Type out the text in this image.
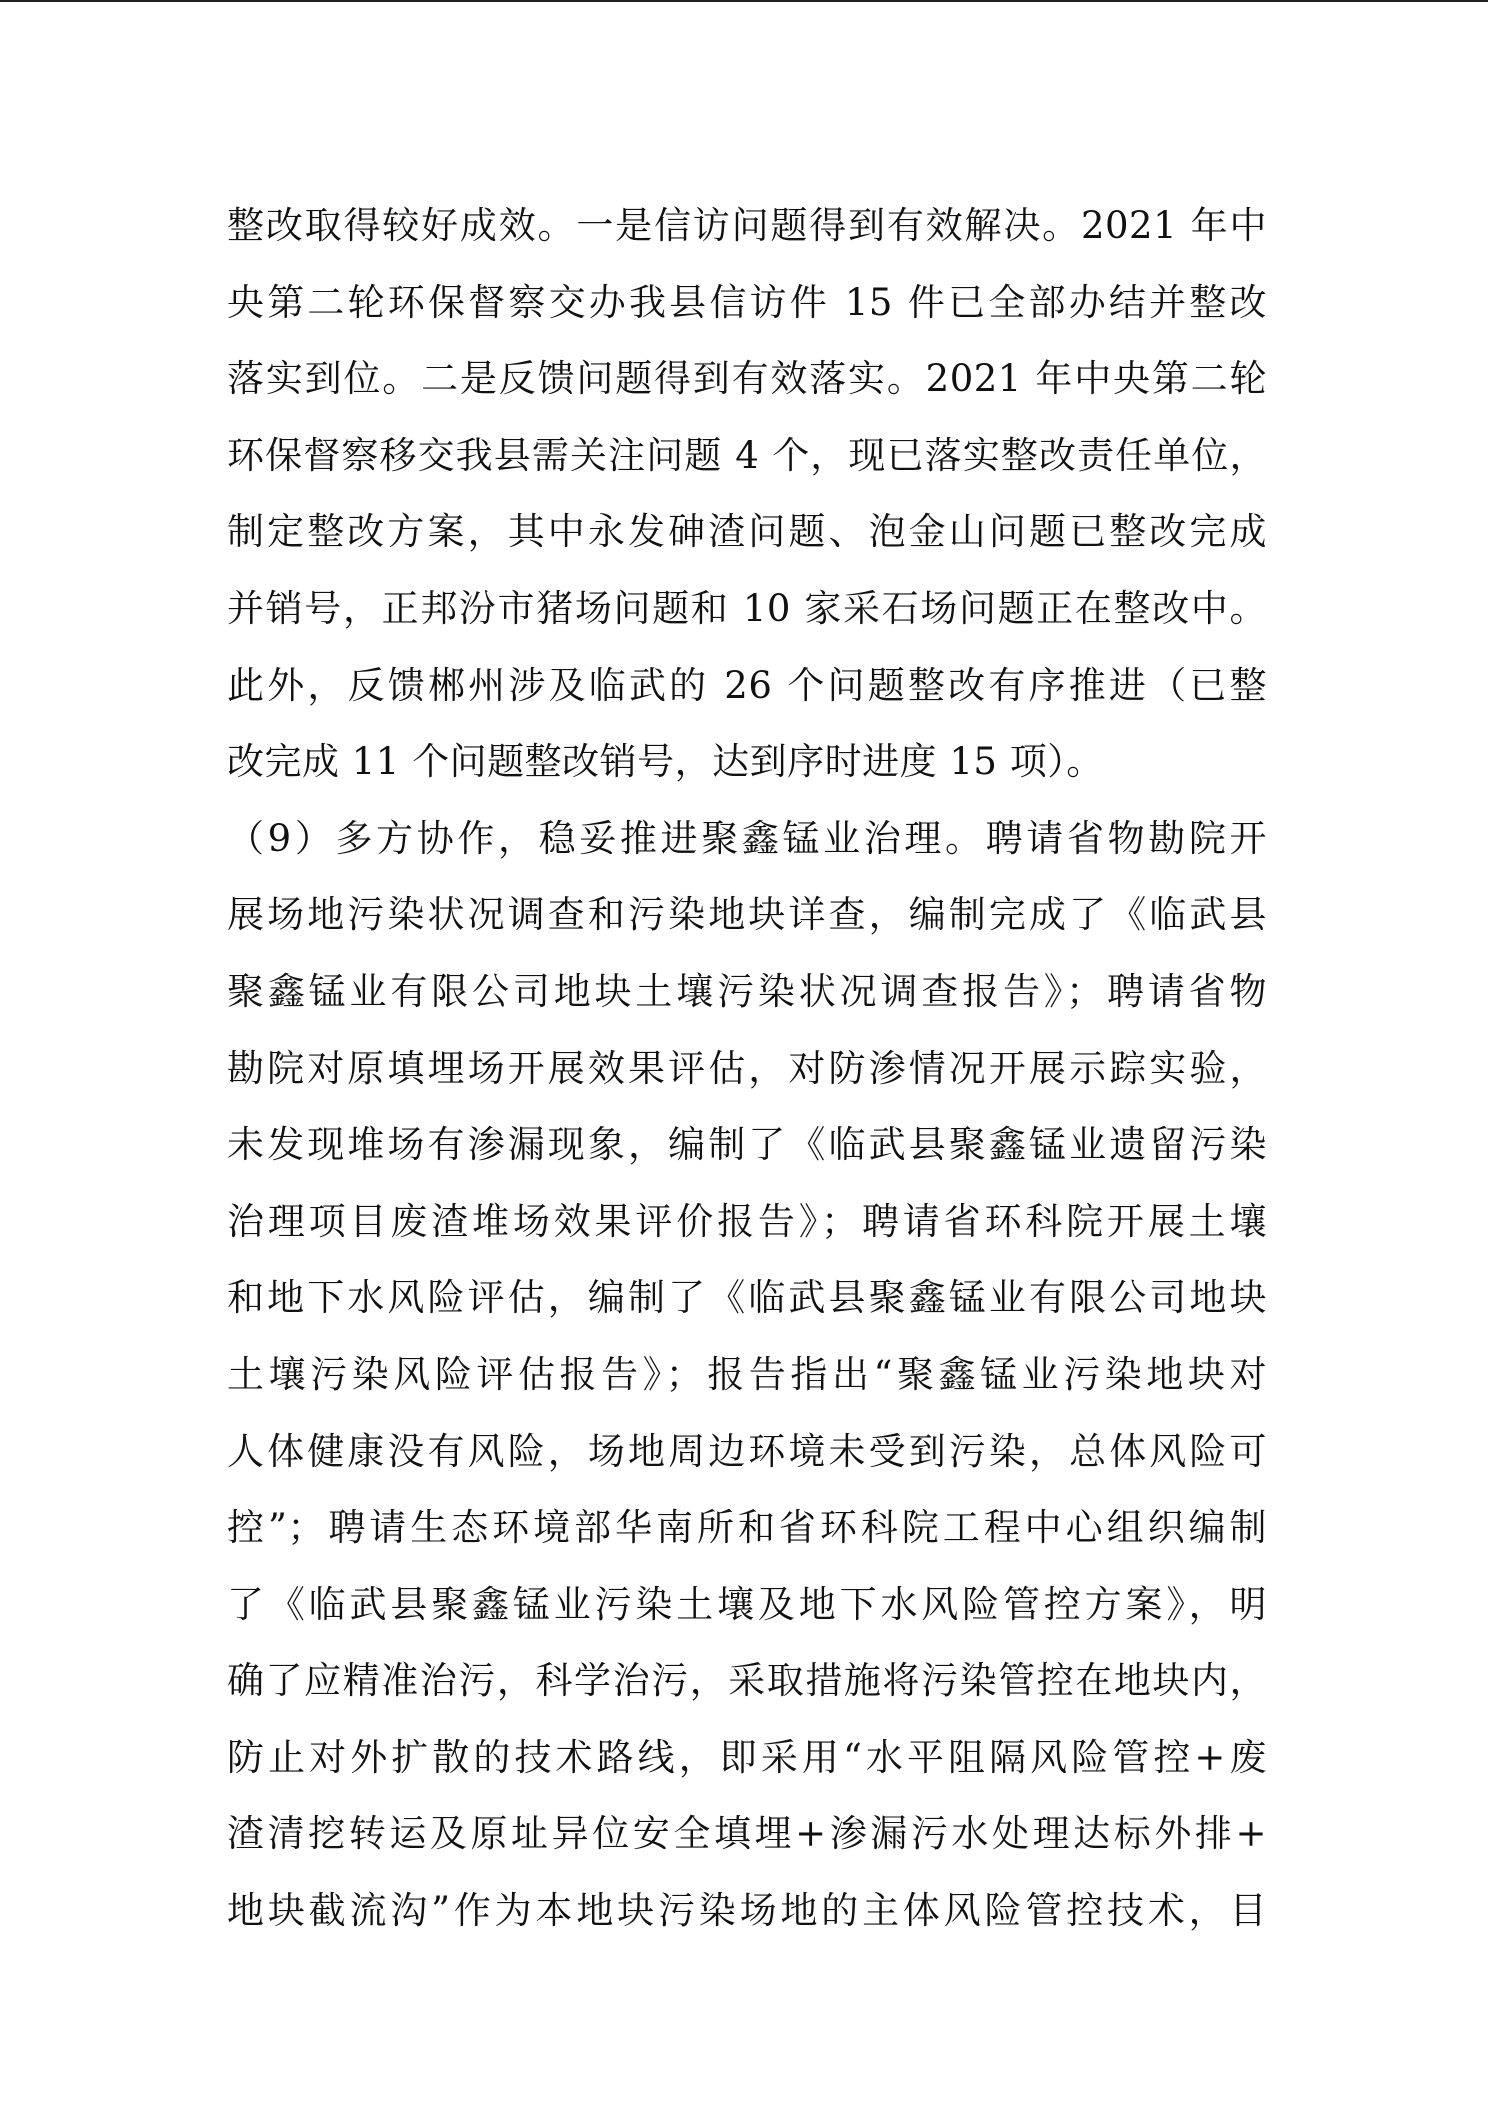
整改取得较好成效。一是信访问题得到有效解决。2021 年中
央第二轮环保督察交办我县信访件 15 件已全部办结并整改
落实到位。二是反馈问题得到有效落实。2021 年中央第二轮
环保督察移交我县需关注问题 4 个，现已落实整改责任单位，
制定整改方案，其中永发砷渣问题、泡金山问题已整改完成
并销号，正邦汾市猪场问题和 10 家采石场问题正在整改中。
此外，反馈郴州涉及临武的 26 个问题整改有序推进（已整
改完成 11 个问题整改销号，达到序时进度 15 项）。
（9）多方协作，稳妥推进聚鑫锰业治理。聘请省物勘院开
展场地污染状况调查和污染地块详查，编制完成了《临武县
聚鑫锰业有限公司地块土壤污染状况调查报告》；聘请省物
勘院对原填埋场开展效果评估，对防渗情况开展示踪实验，
未发现堆场有渗漏现象，编制了《临武县聚鑫锰业遗留污染
治理项目废渣堆场效果评价报告》；聘请省环科院开展土壤
和地下水风险评估，编制了《临武县聚鑫锰业有限公司地块
土壤污染风险评估报告》；报告指出“聚鑫锰业污染地块对
人体健康没有风险，场地周边环境未受到污染，总体风险可
控”；聘请生态环境部华南所和省环科院工程中心组织编制
了《临武县聚鑫锰业污染土壤及地下水风险管控方案》，明
确了应精准治污，科学治污，采取措施将污染管控在地块内，
防止对外扩散的技术路线，即采用“水平阻隔风险管控+废
渣清挖转运及原址异位安全填埋+渗漏污水处理达标外排+
地块截流沟”作为本地块污染场地的主体风险管控技术，目
